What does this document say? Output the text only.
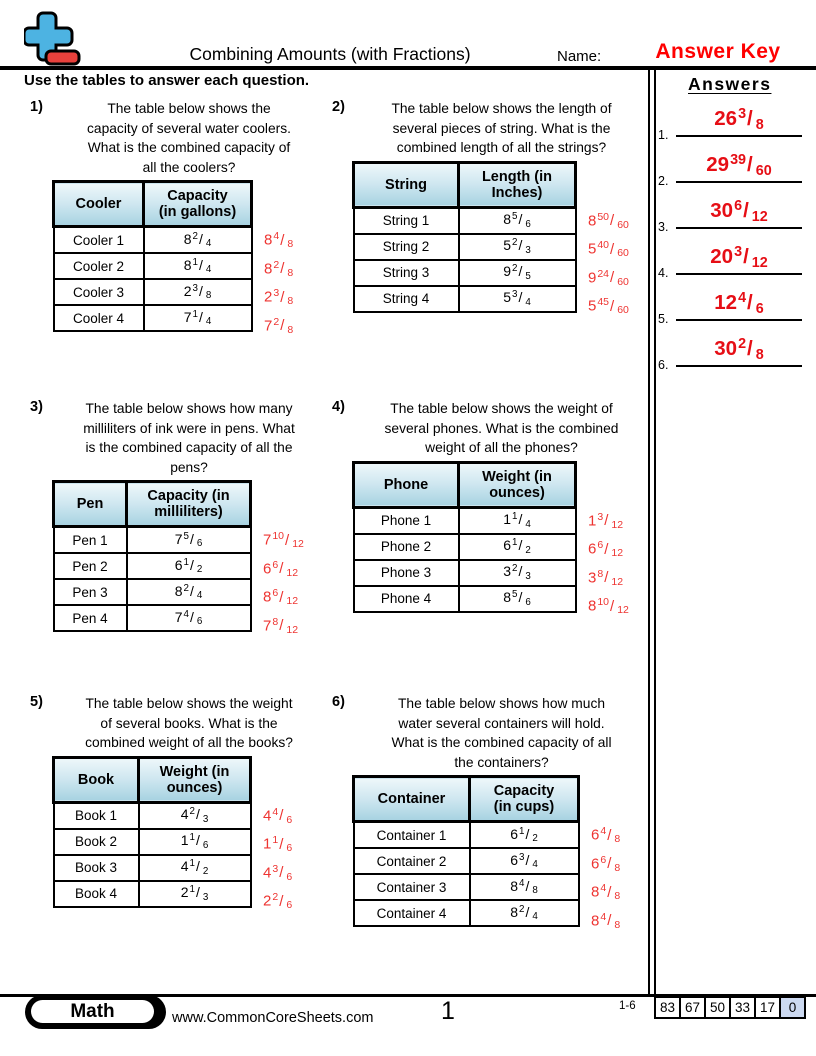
Combining Amounts (with Fractions)	Name:	Answer Key
Use the tables to answer each question.	Answers
1.
$26^3/$ $_8$
2.
$29^{39}/$ $_{60}$
3.
$30^6/$ $_{12}$
4.
$20^3/$ $_{12}$
5.
$12^4/$ $_6$
6.
$30^2/$ $_8$
1)	The table below shows the
capacity of several water coolers.
What is the combined capacity of
all the coolers?
Cooler	Capacity
(in gallons)

Cooler 1	$8^2/$ $_4$
Cooler 2	$8^1/$ $_4$
Cooler 3	$2^3/$ $_8$
Cooler 4	$7^1/$ $_4$
$8^4/$ $_8$
$8^2/$ $_8$
$2^3/$ $_8$
$7^2/$ $_8$
2)	The table below shows the length of
several pieces of string. What is the
combined length of all the strings?
String	Length (in
Inches)

String 1	$8^5/$ $_6$
String 2	$5^2/$ $_3$
String 3	$9^2/$ $_5$
String 4	$5^3/$ $_4$
$8^{50}/$ $_{60}$
$5^{40}/$ $_{60}$
$9^{24}/$ $_{60}$
$5^{45}/$ $_{60}$
3)	The table below shows how many
milliliters of ink were in pens. What
is the combined capacity of all the
pens?
Pen	Capacity (in
milliliters)

Pen 1	$7^5/$ $_6$
Pen 2	$6^1/$ $_2$
Pen 3	$8^2/$ $_4$
Pen 4	$7^4/$ $_6$
$7^{10}/$ $_{12}$
$6^6/$ $_{12}$
$8^6/$ $_{12}$
$7^8/$ $_{12}$
4)	The table below shows the weight of
several phones. What is the combined
weight of all the phones?
Phone	Weight (in
ounces)

Phone 1	$1^1/$ $_4$
Phone 2	$6^1/$ $_2$
Phone 3	$3^2/$ $_3$
Phone 4	$8^5/$ $_6$
$1^3/$ $_{12}$
$6^6/$ $_{12}$
$3^8/$ $_{12}$
$8^{10}/$ $_{12}$
5)	The table below shows the weight
of several books. What is the
combined weight of all the books?
Book	Weight (in
ounces)

Book 1	$4^2/$ $_3$
Book 2	$1^1/$ $_6$
Book 3	$4^1/$ $_2$
Book 4	$2^1/$ $_3$
$4^4/$ $_6$
$1^1/$ $_6$
$4^3/$ $_6$
$2^2/$ $_6$
6)	The table below shows how much
water several containers will hold.
What is the combined capacity of all
the containers?
Container	Capacity
(in cups)

Container 1	$6^1/$ $_2$
Container 2	$6^3/$ $_4$
Container 3	$8^4/$ $_8$
Container 4	$8^2/$ $_4$
$6^4/$ $_8$
$6^6/$ $_8$
$8^4/$ $_8$
$8^4/$ $_8$
Math	www.CommonCoreSheets.com	1	1-6	83 67 50 33 17	0
